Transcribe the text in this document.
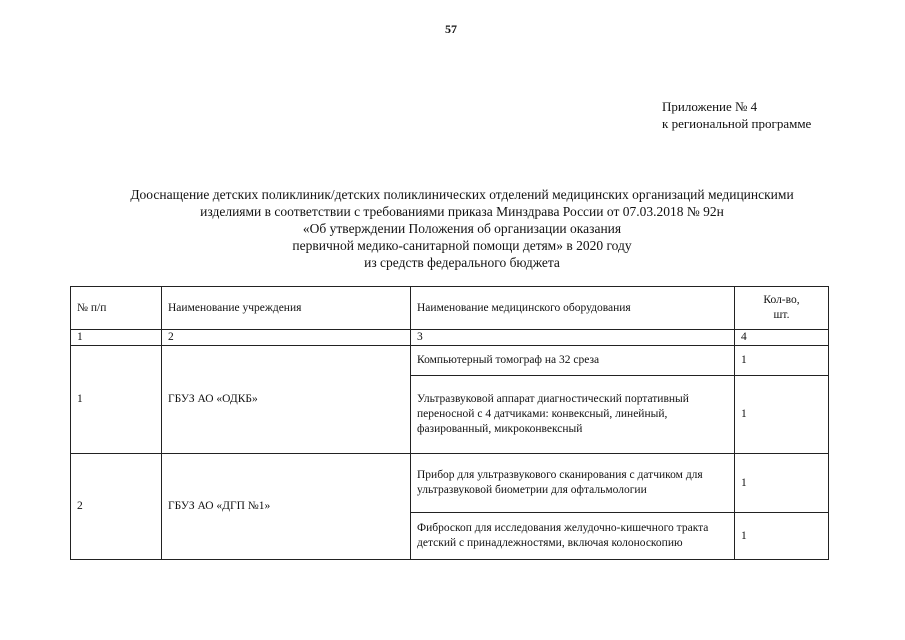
57
Приложение № 4
к региональной программе
Дооснащение детских поликлиник/детских поликлинических отделений медицинских организаций медицинскими
изделиями в соответствии с требованиями приказа Минздрава России от 07.03.2018 № 92н
«Об утверждении Положения об организации оказания
первичной медико-санитарной помощи детям» в 2020 году
из средств федерального бюджета
№ п/п	Наименование учреждения	Наименование медицинского оборудования	Кол-во,
шт.

1	2	3	4
1	ГБУЗ АО «ОДКБ»	Компьютерный томограф на 32 среза	1
		Ультразвуковой аппарат диагностический портативный переносной с 4 датчиками: конвексный, линейный, фазированный, микроконвексный	1
2	ГБУЗ АО «ДГП №1»	Прибор для ультразвукового сканирования с датчиком для ультразвуковой биометрии для офтальмологии	1
		Фиброскоп для исследования желудочно-кишечного тракта детский с принадлежностями, включая колоноскопию	1
